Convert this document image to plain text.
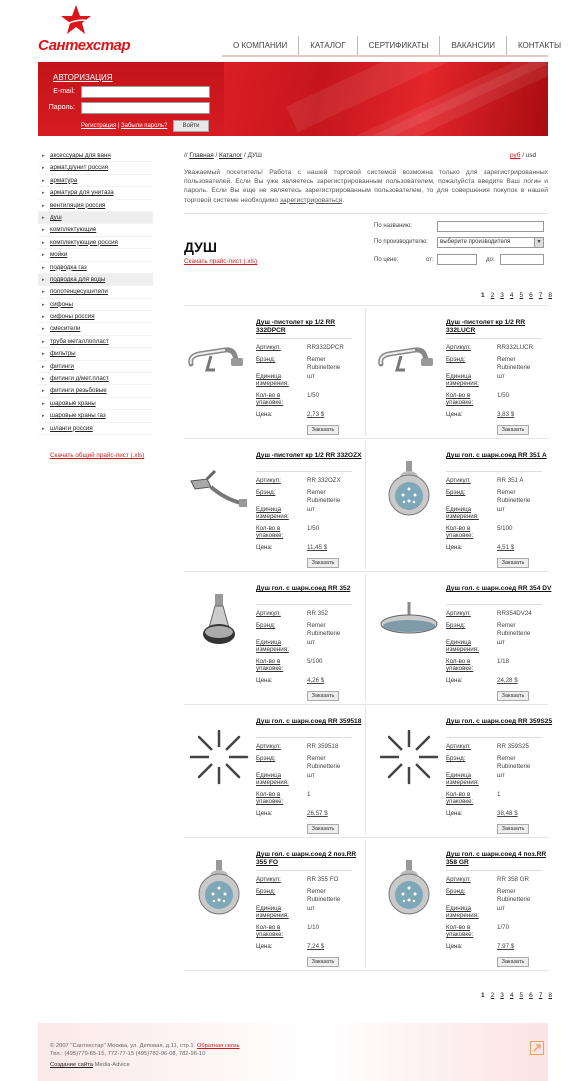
Сантехстар	О КОМПАНИИ	КАТАЛОГ	СЕРТИФИКАТЫ	ВАКАНСИИ	КОНТАКТЫ
АВТОРИЗАЦИЯ
E-mail:
Пароль:
Регистрация | Забыли пароль?	Войти
▸ аксессуары для ванн
▸ армат.д/унит россия
▸ арматура
▸ арматура для унитаза
▸ вентиляция россия
▸ душ
▸ комплектующие
▸ комплектующие россия
▸ мойки
▸ подводка газ
▸ подводка для воды
▸ полотенцесушители
▸ сифоны
▸ сифоны россия
▸ смесители
▸ труба металлопласт
▸ фильтры
▸ фитинги
▸ фитинги д/мет.пласт
▸ фитинги резьбовые
▸ шаровые краны
▸ шаровые краны газ
▸ шланги россия
Скачать общий прайс-лист (.xls)
// Главная / Каталог / ДУШ	руб / usd

Уважаемый посетитель! Работа с нашей торговой системой возможна только для зарегистрированных пользователей. Если Вы уже являетесь зарегистрированным пользователем, пожалуйста введите Ваш логин и пароль. Если Вы еще не являетесь зарегистрированным пользователем, то для совершения покупок в нашей торговой системе необходимо зарегистрироваться.

ДУШ
Скачать прайс-лист (.xls)
По названию:
По производителю:	выберите производителя	▼
По цене:	от:	до:
1 2 3 4 5 6 7 8
Душ -пистолет кр 1/2 RR 332DPCR
Артикул:	RR332DPCR
Брэнд:	Remer Rubinetterie
Единица измерения:
шт
Кол-во в упаковке:
1/50
Цена:	2,73 $
Заказать
Душ -пистолет кр 1/2 RR 332LUCR
Артикул:	RR332LUCR
Брэнд:	Remer Rubinetterie
Единица измерения:
шт
Кол-во в упаковке:
1/50
Цена:	3,83 $
Заказать
Душ -пистолет кр 1/2 RR 332OZX
Артикул:	RR 332OZX
Брэнд:	Remer Rubinetterie
Единица измерения:
шт
Кол-во в упаковке:
1/50
Цена:	11,45 $
Заказать
Душ гол. с шарн.соед RR 351 A
Артикул:	RR 351 A
Брэнд:	Remer Rubinetterie
Единица измерения:
шт
Кол-во в упаковке:
5/100
Цена:	4,51 $
Заказать
Душ гол. с шарн.соед RR 352
Артикул:	RR 352
Брэнд:	Remer Rubinetterie
Единица измерения:
шт
Кол-во в упаковке:
5/100
Цена:	4,26 $
Заказать
Душ гол. с шарн.соед RR 354 DV
Артикул:	RR354DV24
Брэнд:	Remer Rubinetterie
Единица измерения:
шт
Кол-во в упаковке:
1/18
Цена:	24,28 $
Заказать
Душ гол. с шарн.соед RR 359518
Артикул:	RR 359518
Брэнд:	Remer Rubinetterie
Единица измерения:
шт
Кол-во в упаковке:
1
Цена:	26,57 $
Заказать
Душ гол. с шарн.соед RR 359S25
Артикул:	RR 359S25
Брэнд:	Remer Rubinetterie
Единица измерения:
шт
Кол-во в упаковке:
1
Цена:	38,48 $
Заказать
Душ гол. с шарн.соед 2 поз.RR 355 FO
Артикул:	RR 355 FO
Брэнд:	Remer Rubinetterie
Единица измерения:
шт
Кол-во в упаковке:
1/10
Цена:	7,24 $
Заказать
Душ гол. с шарн.соед 4 поз.RR 358 GR
Артикул:	RR 358 GR
Брэнд:	Remer Rubinetterie
Единица измерения:
шт
Кол-во в упаковке:
1/70
Цена:	7,97 $
Заказать
1 2 3 4 5 6 7 8
© 2007 "Сантехстар" Москва, ул. Деповая, д.11, стр.1. Обратная связь
Тел.: (495)779-85-15, 772-77-15 (495)782-96-08, 782-96-10
Создание сайта Media-Advice
